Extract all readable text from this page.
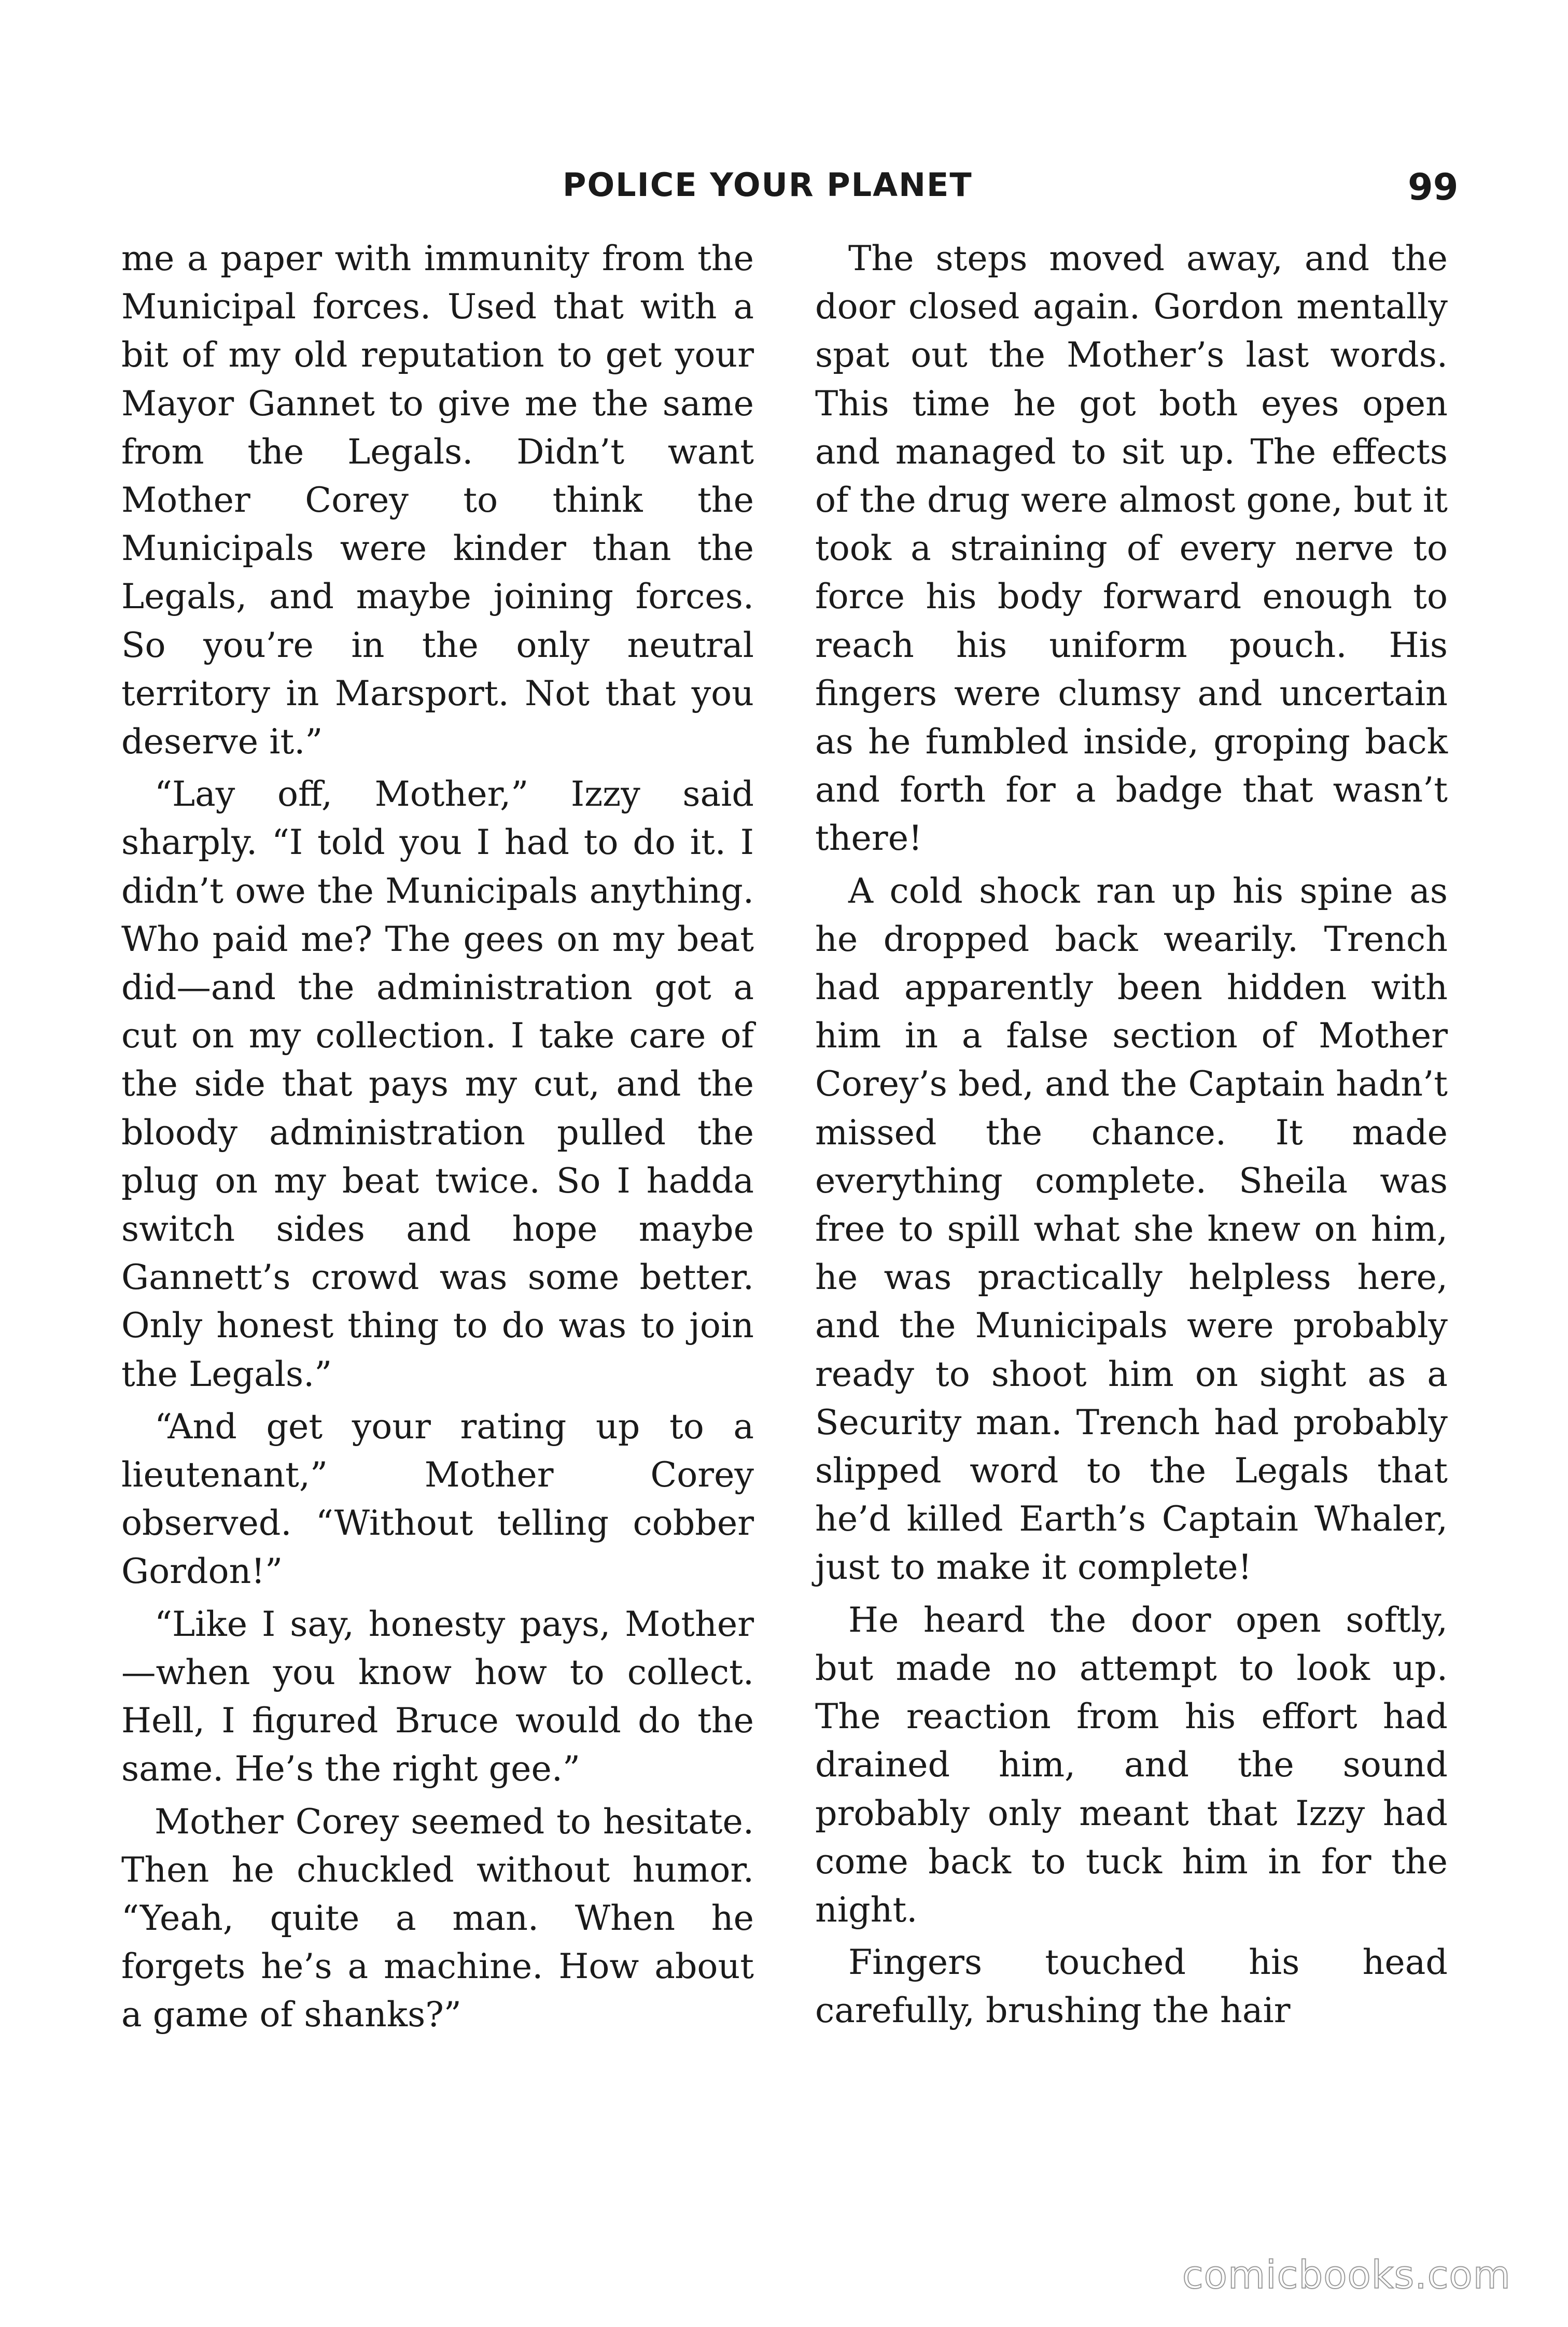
POLICE YOUR PLANET	99

me a paper with immunity from the Municipal forces. Used that with a bit of my old reputation to get your Mayor Gannet to give me the same from the Legals. Didn’t want Mother Corey to think the Municipals were kinder than the Legals, and maybe joining forces. So you’re in the only neutral territory in Marsport. Not that you deserve it.”

“Lay off, Mother,” Izzy said sharply. “I told you I had to do it. I didn’t owe the Municipals anything. Who paid me? The gees on my beat did—and the administration got a cut on my collection. I take care of the side that pays my cut, and the bloody administration pulled the plug on my beat twice. So I hadda switch sides and hope maybe Gannett’s crowd was some better. Only honest thing to do was to join the Legals.”

“And get your rating up to a lieutenant,” Mother Corey observed. “Without telling cobber Gordon!”

“Like I say, honesty pays, Mother—when you know how to collect. Hell, I figured Bruce would do the same. He’s the right gee.”

Mother Corey seemed to hesitate. Then he chuckled without humor. “Yeah, quite a man. When he forgets he’s a machine. How about a game of shanks?”

The steps moved away, and the door closed again. Gordon mentally spat out the Mother’s last words. This time he got both eyes open and managed to sit up. The effects of the drug were almost gone, but it took a straining of every nerve to force his body forward enough to reach his uniform pouch. His fingers were clumsy and uncertain as he fumbled inside, groping back and forth for a badge that wasn’t there!

A cold shock ran up his spine as he dropped back wearily. Trench had apparently been hidden with him in a false section of Mother Corey’s bed, and the Captain hadn’t missed the chance. It made everything complete. Sheila was free to spill what she knew on him, he was practically helpless here, and the Municipals were probably ready to shoot him on sight as a Security man. Trench had probably slipped word to the Legals that he’d killed Earth’s Captain Whaler, just to make it complete!

He heard the door open softly, but made no attempt to look up. The reaction from his effort had drained him, and the sound probably only meant that Izzy had come back to tuck him in for the night.

Fingers touched his head carefully, brushing the hair

comicbooks.com
